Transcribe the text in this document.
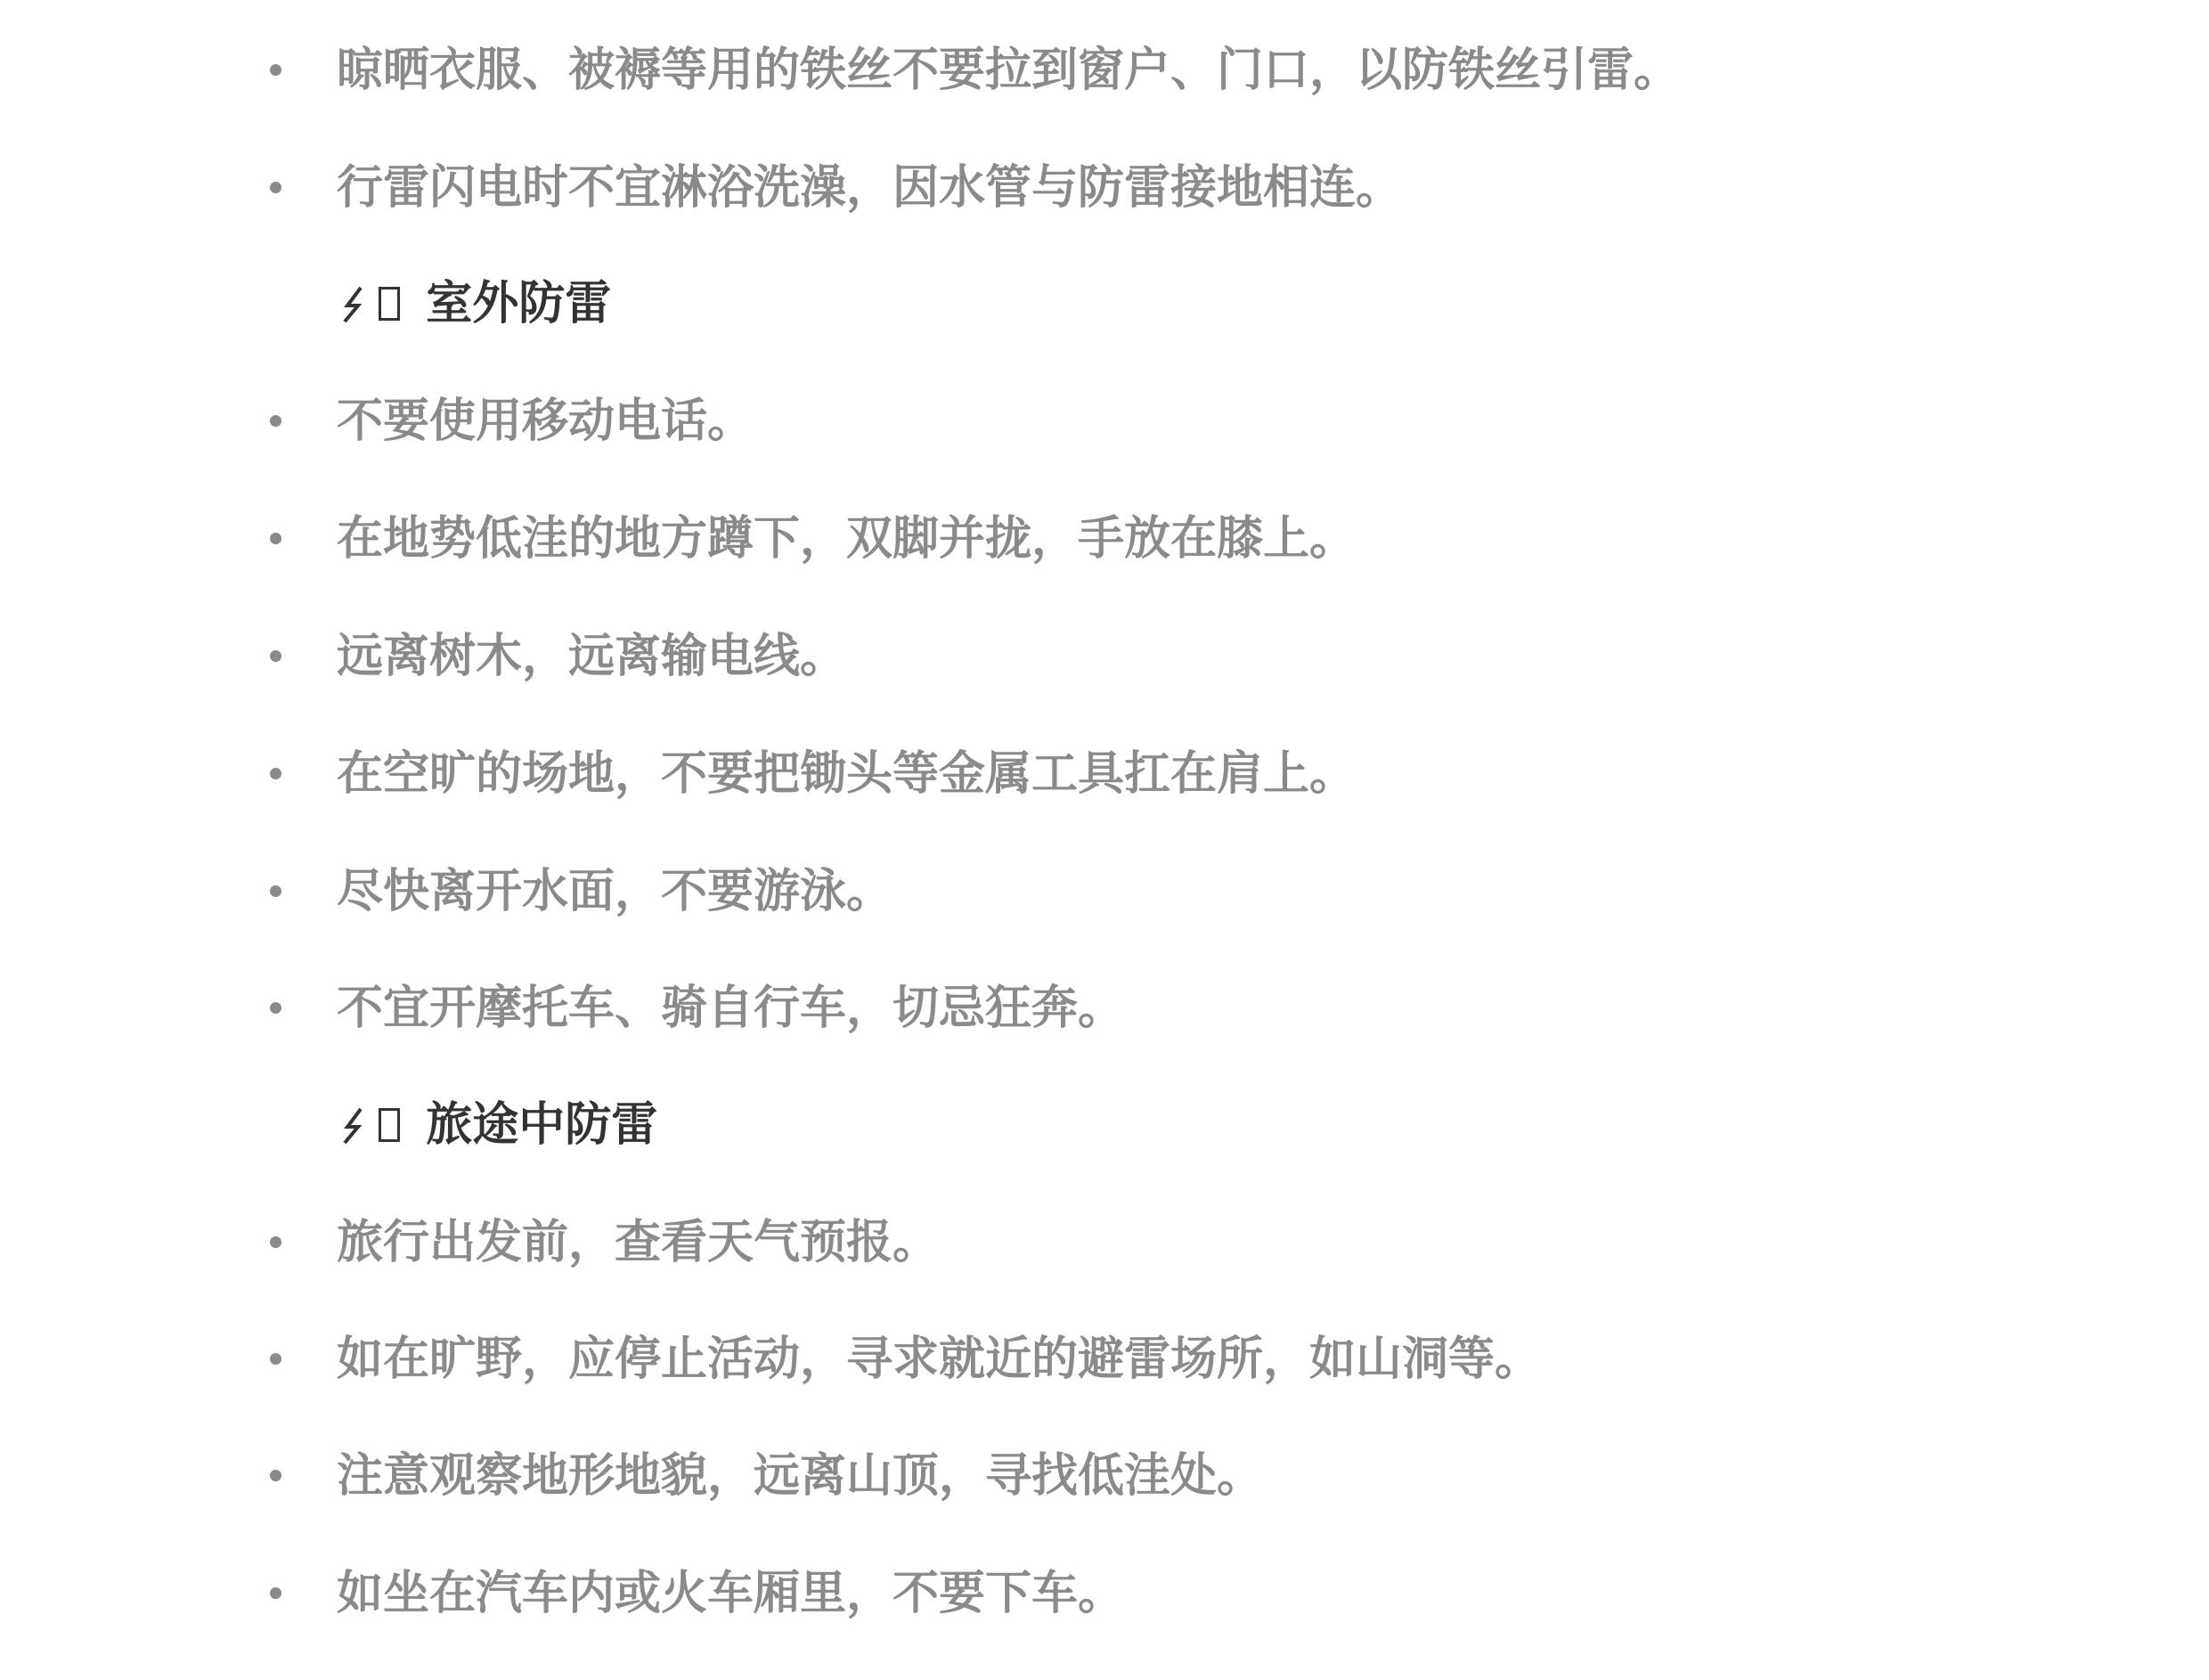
晾晒衣服、被褥等用的铁丝不要拉到窗户、门口，以防铁丝引雷。
行雷闪电时不宜淋浴洗澡，因水管与防雷接地相连。
室外防雷
不要使用移动电话。
在地势低洼的地方蹲下，双脚并拢，手放在膝上。
远离树木，远离输电线。
在空旷的场地，不要把锄头等金属工具扛在肩上。
尽快离开水面，不要游泳。
不宜开摩托车、骑自行车，切忌狂奔。
旅途中防雷
旅行出发前，查看天气预报。
如在旷野，应停止活动，寻求就近的避雷场所，如山洞等。
注意观察地形地貌，远离山顶，寻找低洼处。
如坐在汽车内或火车厢里，不要下车。
